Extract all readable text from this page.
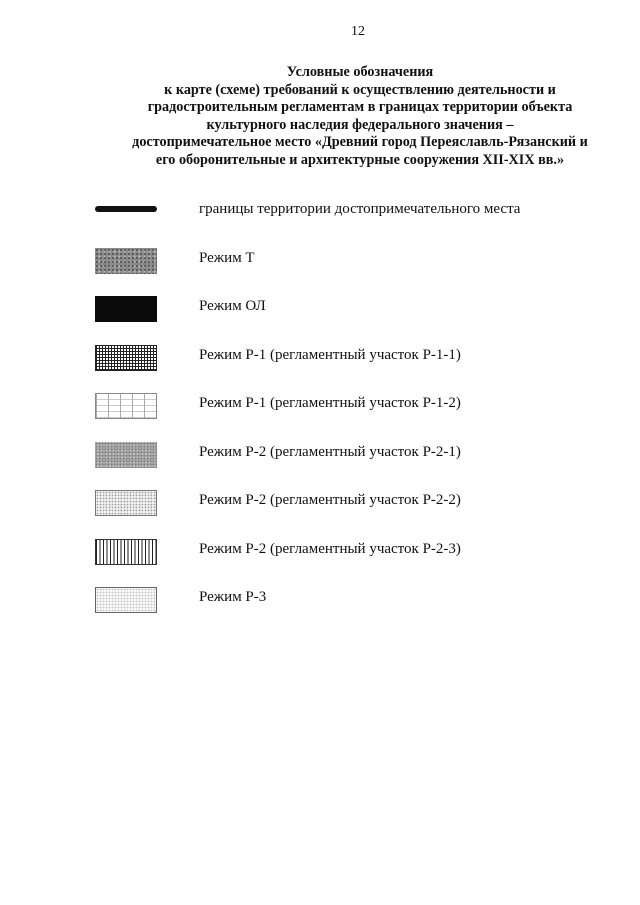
12
Условные обозначения
к карте (схеме) требований к осуществлению деятельности и
градостроительным регламентам в границах территории объекта
культурного наследия федерального значения –
достопримечательное место «Древний город Переяславль-Рязанский и
его оборонительные и архитектурные сооружения XII-XIX вв.»
границы территории достопримечательного места
Режим Т
Режим ОЛ
Режим Р-1 (регламентный участок Р-1-1)
Режим Р-1 (регламентный участок Р-1-2)
Режим Р-2 (регламентный участок Р-2-1)
Режим Р-2 (регламентный участок Р-2-2)
Режим Р-2 (регламентный участок Р-2-3)
Режим Р-3
